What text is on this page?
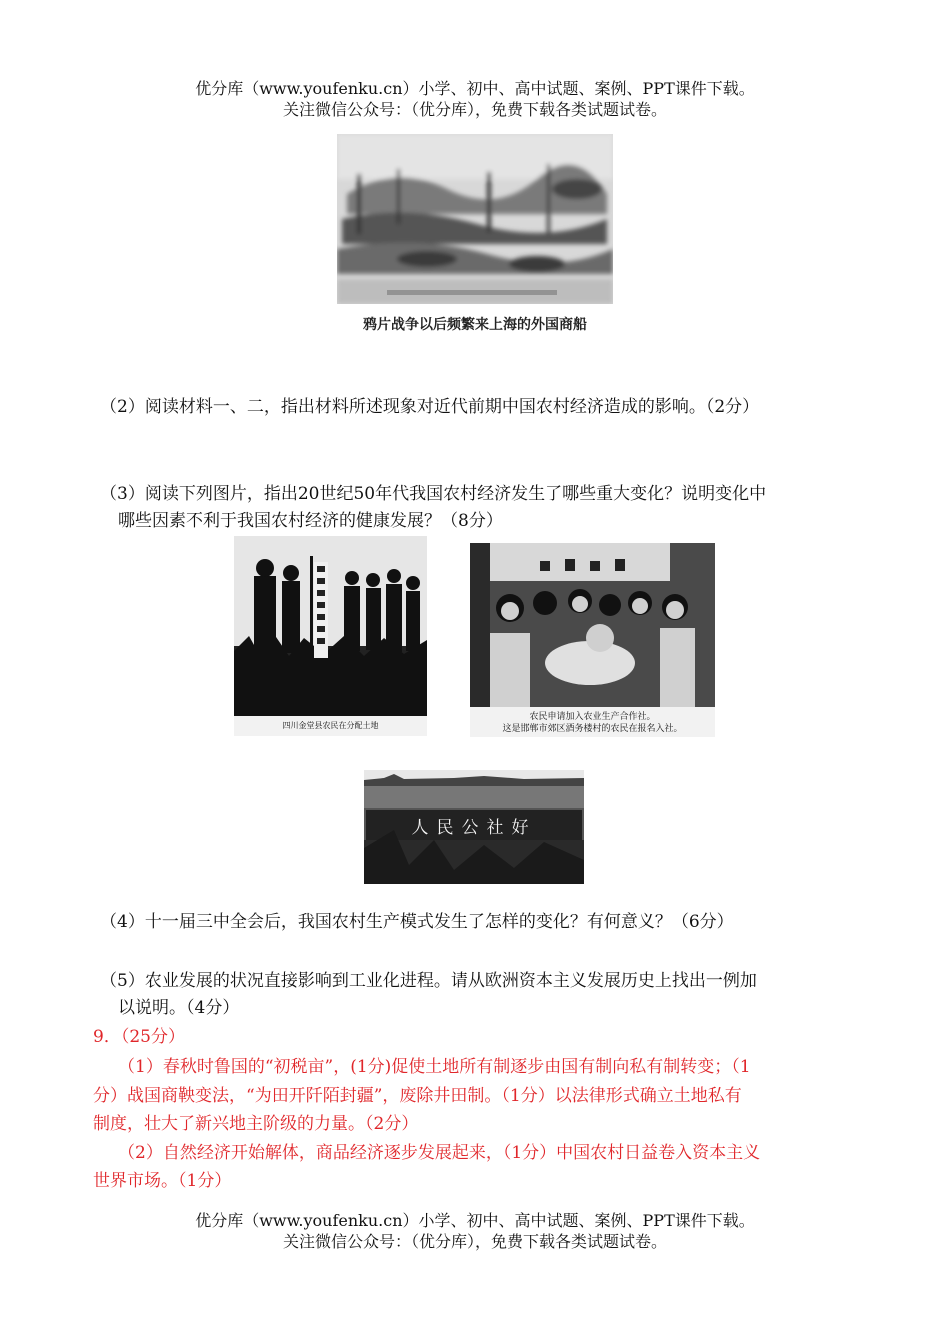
优分库（www.youfenku.cn）小学、初中、高中试题、案例、PPT课件下载。
关注微信公众号：（优分库），免费下载各类试题试卷。
鸦片战争以后频繁来上海的外国商船
（2）阅读材料一、二，指出材料所述现象对近代前期中国农村经济造成的影响。（2分）
（3）阅读下列图片，指出20世纪50年代我国农村经济发生了哪些重大变化？说明变化中
哪些因素不利于我国农村经济的健康发展？（8分）
四川金堂县农民在分配土地
农民申请加入农业生产合作社。
这是邯郸市郊区酒务楼村的农民在报名入社。
人民公社好
（4）十一届三中全会后，我国农村生产模式发生了怎样的变化？有何意义？（6分）
（5）农业发展的状况直接影响到工业化进程。请从欧洲资本主义发展历史上找出一例加
以说明。（4分）
9．（25分）
（1）春秋时鲁国的“初税亩”，(1分)促使土地所有制逐步由国有制向私有制转变；（1
分）战国商鞅变法，“为田开阡陌封疆”，废除井田制。（1分）以法律形式确立土地私有
制度，壮大了新兴地主阶级的力量。（2分）
（2）自然经济开始解体，商品经济逐步发展起来，（1分）中国农村日益卷入资本主义
世界市场。（1分）
优分库（www.youfenku.cn）小学、初中、高中试题、案例、PPT课件下载。
关注微信公众号：（优分库），免费下载各类试题试卷。
